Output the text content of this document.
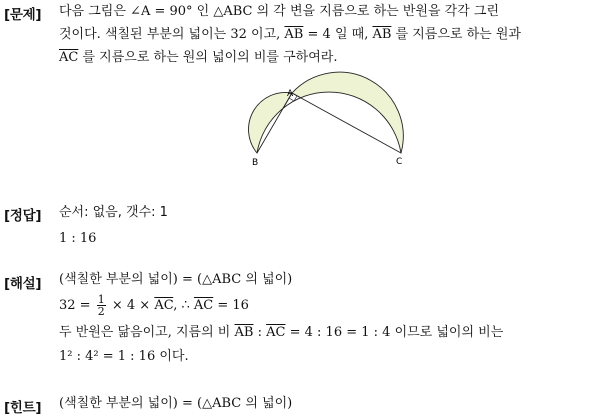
[문제] 다음 그림은 ∠A = 90° 인 △ABC 의 각 변을 지름으로 하는 반원을 각각 그린
것이다. 색칠된 부분의 넓이는 32 이고, $\overline{AB} = 4$ 일 때, $\overline{AB}$ 를 지름으로 하는 원과
$\overline{AC}$ 를 지름으로 하는 원의 넓이의 비를 구하여라.
A
B	C
[정답] 순서: 없음, 갯수: 1
1 : 16
[해설] (색칠한 부분의 넓이) = (△ABC 의 넓이)
$32 = \frac{1}{2} \times 4 \times \overline{AC}$, ∴ $\overline{AC} = 16$
두 반원은 닮음이고, 지름의 비 $\overline{AB}$ : $\overline{AC} = 4$ : 16 = 1 : 4 이므로 넓이의 비는
1² : 4² = 1 : 16 이다.
[힌트] (색칠한 부분의 넓이) = (△ABC 의 넓이)
